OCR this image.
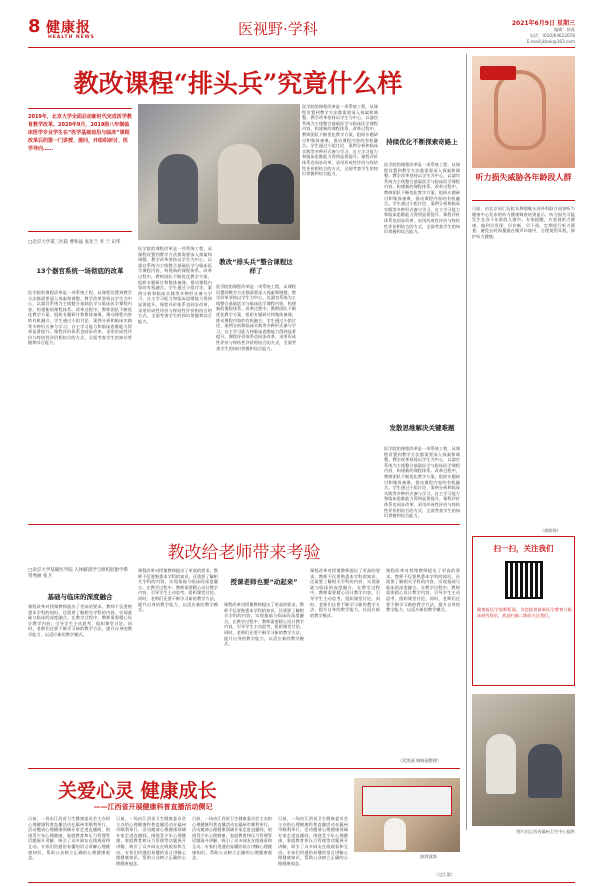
8 健康报
HEALTH NEWS	医视野·学科	2021年6月9日 星期三
编辑：徐燕
电话：(010)64622078
E-mail:jkbxk@163.com
教改课程“排头兵”究竟什么样
2019年，北京大学全面启动新时代完成医学教育教学改革。2020年9月，2019级八年制临床医学专业学生在“医学基础前沿与临床”课程改革后的第一门讲授、提问，并组织研讨、医学导向……
□北京大学第三医院 曹和晶 张亚兰 李 兰 田华
13个器官系统一场彻底的改革
医学院的课程改革是一项系统工程，从课程设置到教学方法都需要深入探索和调整。教学改革坚持以学生为中心，以器官系统为主线整合基础医学与临床医学课程内容，构建新的课程体系。改革过程中，教师团队不断优化教学方案，组织专题研讨和集体备课，推动课程内容的有机融合。学生通过小组讨论、案例分析和临床实践等多种形式参与学习，自主学习能力和临床思维能力得到显著提升。课程评价体系也同步改革，采用形成性评价与终结性评价相结合的方式，全面考查学生的知识掌握和综合能力。
医学院的课程改革是一项系统工程，从课程设置到教学方法都需要深入探索和调整。教学改革坚持以学生为中心，以器官系统为主线整合基础医学与临床医学课程内容，构建新的课程体系。改革过程中，教师团队不断优化教学方案，组织专题研讨和集体备课，推动课程内容的有机融合。学生通过小组讨论、案例分析和临床实践等多种形式参与学习，自主学习能力和临床思维能力得到显著提升。课程评价体系也同步改革，采用形成性评价与终结性评价相结合的方式，全面考查学生的知识掌握和综合能力。
教改“排头兵”整合课程这样了
医学院的课程改革是一项系统工程，从课程设置到教学方法都需要深入探索和调整。教学改革坚持以学生为中心，以器官系统为主线整合基础医学与临床医学课程内容，构建新的课程体系。改革过程中，教师团队不断优化教学方案，组织专题研讨和集体备课，推动课程内容的有机融合。学生通过小组讨论、案例分析和临床实践等多种形式参与学习，自主学习能力和临床思维能力得到显著提升。课程评价体系也同步改革，采用形成性评价与终结性评价相结合的方式，全面考查学生的知识掌握和综合能力。
医学院的课程改革是一项系统工程，从课程设置到教学方法都需要深入探索和调整。教学改革坚持以学生为中心，以器官系统为主线整合基础医学与临床医学课程内容，构建新的课程体系。改革过程中，教师团队不断优化教学方案，组织专题研讨和集体备课，推动课程内容的有机融合。学生通过小组讨论、案例分析和临床实践等多种形式参与学习，自主学习能力和临床思维能力得到显著提升。课程评价体系也同步改革，采用形成性评价与终结性评价相结合的方式，全面考查学生的知识掌握和综合能力。
持续优化不断探索奇路上
医学院的课程改革是一项系统工程，从课程设置到教学方法都需要深入探索和调整。教学改革坚持以学生为中心，以器官系统为主线整合基础医学与临床医学课程内容，构建新的课程体系。改革过程中，教师团队不断优化教学方案，组织专题研讨和集体备课，推动课程内容的有机融合。学生通过小组讨论、案例分析和临床实践等多种形式参与学习，自主学习能力和临床思维能力得到显著提升。课程评价体系也同步改革，采用形成性评价与终结性评价相结合的方式，全面考查学生的知识掌握和综合能力。
发散思维解决关键难题
医学院的课程改革是一项系统工程，从课程设置到教学方法都需要深入探索和调整。教学改革坚持以学生为中心，以器官系统为主线整合基础医学与临床医学课程内容，构建新的课程体系。改革过程中，教师团队不断优化教学方案，组织专题研讨和集体备课，推动课程内容的有机融合。学生通过小组讨论、案例分析和临床实践等多种形式参与学习，自主学习能力和临床思维能力得到显著提升。课程评价体系也同步改革，采用形成性评价与终结性评价相结合的方式，全面考查学生的知识掌握和综合能力。
听力损失威胁各年龄段人群
日前，由北京同仁医院耳鼻咽喉头颈外科联合国家听力健康中心发布的听力健康调查结果显示，听力损失可能发生在各个年龄段人群中。专家提醒，应重视听力健康，做到早发现、早诊断、早干预，定期进行听力筛查，避免长时间暴露在噪声环境中，合理使用耳机，保护听力健康。
（郭婷婷）
扫一扫，关注我们
健康报医学视野版面，为您提供最新医学教育与临床研究资讯，欢迎扫描二维码关注我们。
图片由江西省赣州卫生中心提供
教改给老师带来考验
□北京大学基础医学院 人体解剖学与组织胚胎学系 常秀丽 张卫
基础与临床的深度融合
课程改革对授课教师提出了更高的要求。教师不仅要熟悉本学科的知识，还需要了解相关学科的内容，实现基础与临床的深度融合。在教学过程中，教师需要精心设计教学内容，引导学生主动思考，组织课堂讨论。同时，老师们还要不断学习新的教学方法，提升自身的教学能力，以适应新的教学模式。
课程改革对授课教师提出了更高的要求。教师不仅要熟悉本学科的知识，还需要了解相关学科的内容，实现基础与临床的深度融合。在教学过程中，教师需要精心设计教学内容，引导学生主动思考，组织课堂讨论。同时，老师们还要不断学习新的教学方法，提升自身的教学能力，以适应新的教学模式。
授课老师也要“动起来”
课程改革对授课教师提出了更高的要求。教师不仅要熟悉本学科的知识，还需要了解相关学科的内容，实现基础与临床的深度融合。在教学过程中，教师需要精心设计教学内容，引导学生主动思考，组织课堂讨论。同时，老师们还要不断学习新的教学方法，提升自身的教学能力，以适应新的教学模式。
课程改革对授课教师提出了更高的要求。教师不仅要熟悉本学科的知识，还需要了解相关学科的内容，实现基础与临床的深度融合。在教学过程中，教师需要精心设计教学内容，引导学生主动思考，组织课堂讨论。同时，老师们还要不断学习新的教学方法，提升自身的教学能力，以适应新的教学模式。
课程改革对授课教师提出了更高的要求。教师不仅要熟悉本学科的知识，还需要了解相关学科的内容，实现基础与临床的深度融合。在教学过程中，教师需要精心设计教学内容，引导学生主动思考，组织课堂讨论。同时，老师们还要不断学习新的教学方法，提升自身的教学能力，以适应新的教学模式。
（武凯丽 韩晓丽整理）
关爱心灵 健康成长
——江西省开展健康科普直播活动侧记
日前，一场由江西省卫生健康委员会主办的心理健康科普直播活动在赣州市顺利举行。活动邀请心理健康领域专家走进直播间，围绕青少年心理健康、家庭教育和压力管理等话题展开讲解，吸引了众多网友在线观看和互动。专家们用通俗易懂的语言讲解心理健康知识，帮助公众树立正确的心理健康观念。
日前，一场由江西省卫生健康委员会主办的心理健康科普直播活动在赣州市顺利举行。活动邀请心理健康领域专家走进直播间，围绕青少年心理健康、家庭教育和压力管理等话题展开讲解，吸引了众多网友在线观看和互动。专家们用通俗易懂的语言讲解心理健康知识，帮助公众树立正确的心理健康观念。
日前，一场由江西省卫生健康委员会主办的心理健康科普直播活动在赣州市顺利举行。活动邀请心理健康领域专家走进直播间，围绕青少年心理健康、家庭教育和压力管理等话题展开讲解，吸引了众多网友在线观看和互动。专家们用通俗易懂的语言讲解心理健康知识，帮助公众树立正确的心理健康观念。
日前，一场由江西省卫生健康委员会主办的心理健康科普直播活动在赣州市顺利举行。活动邀请心理健康领域专家走进直播间，围绕青少年心理健康、家庭教育和压力管理等话题展开讲解，吸引了众多网友在线观看和互动。专家们用通俗易懂的语言讲解心理健康知识，帮助公众树立正确的心理健康观念。
澎湃视频
（过江棠）
